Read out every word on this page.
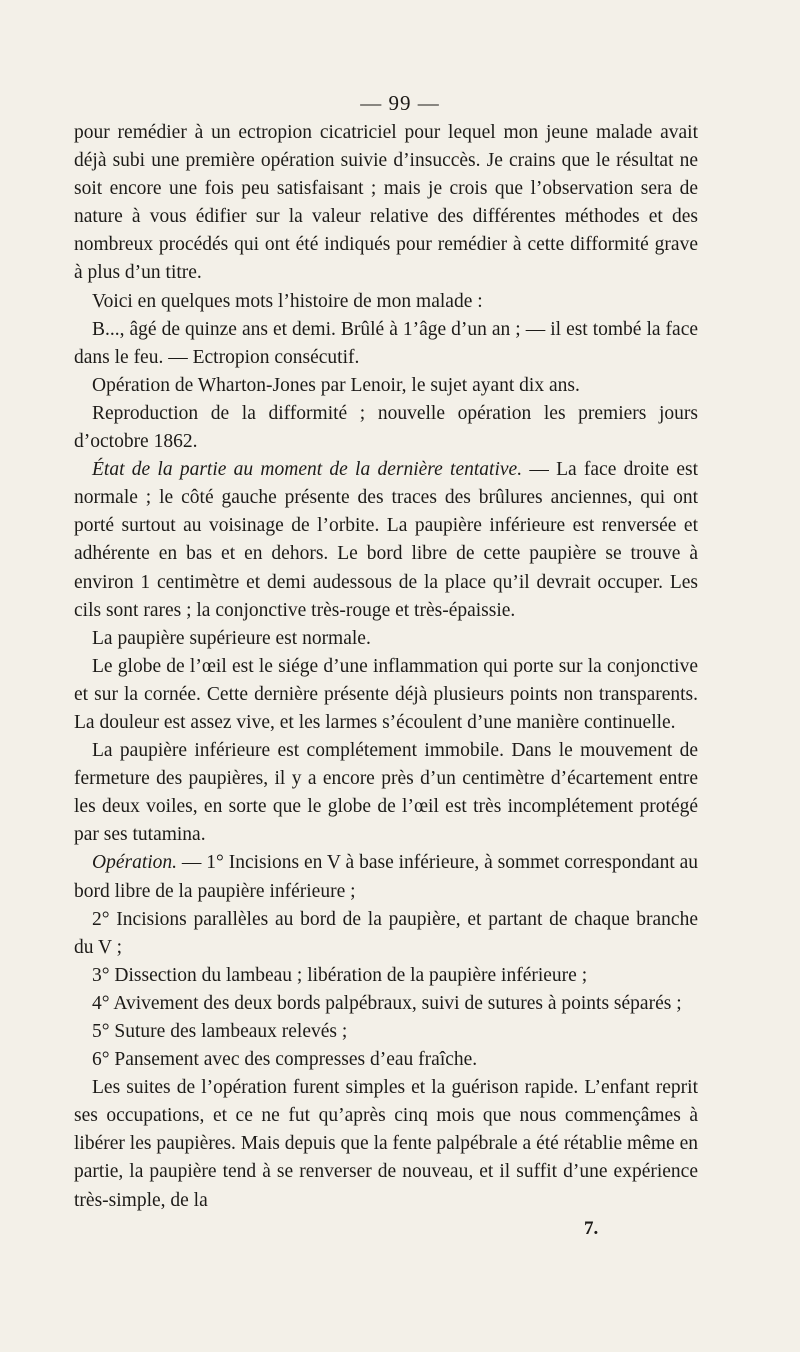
— 99 —

pour remédier à un ectropion cicatriciel pour lequel mon jeune malade avait déjà subi une première opération suivie d’insuccès. Je crains que le résultat ne soit encore une fois peu satisfaisant ; mais je crois que l’observation sera de nature à vous édifier sur la valeur relative des différentes méthodes et des nombreux procédés qui ont été indiqués pour remédier à cette difformité grave à plus d’un titre.

Voici en quelques mots l’histoire de mon malade :

B..., âgé de quinze ans et demi. Brûlé à 1’âge d’un an ; — il est tombé la face dans le feu. — Ectropion consécutif.

Opération de Wharton-Jones par Lenoir, le sujet ayant dix ans.

Reproduction de la difformité ; nouvelle opération les premiers jours d’octobre 1862.

État de la partie au moment de la dernière tentative. — La face droite est normale ; le côté gauche présente des traces des brûlures anciennes, qui ont porté surtout au voisinage de l’orbite. La paupière inférieure est renversée et adhérente en bas et en dehors. Le bord libre de cette paupière se trouve à environ 1 centimètre et demi audessous de la place qu’il devrait occuper. Les cils sont rares ; la conjonctive très-rouge et très-épaissie.

La paupière supérieure est normale.

Le globe de l’œil est le siége d’une inflammation qui porte sur la conjonctive et sur la cornée. Cette dernière présente déjà plusieurs points non transparents. La douleur est assez vive, et les larmes s’écoulent d’une manière continuelle.

La paupière inférieure est complétement immobile. Dans le mouvement de fermeture des paupières, il y a encore près d’un centimètre d’écartement entre les deux voiles, en sorte que le globe de l’œil est très incomplétement protégé par ses tutamina.

Opération. — 1° Incisions en V à base inférieure, à sommet correspondant au bord libre de la paupière inférieure ;

2° Incisions parallèles au bord de la paupière, et partant de chaque branche du V ;

3° Dissection du lambeau ; libération de la paupière inférieure ;

4° Avivement des deux bords palpébraux, suivi de sutures à points séparés ;

5° Suture des lambeaux relevés ;

6° Pansement avec des compresses d’eau fraîche.

Les suites de l’opération furent simples et la guérison rapide. L’enfant reprit ses occupations, et ce ne fut qu’après cinq mois que nous commençâmes à libérer les paupières. Mais depuis que la fente palpébrale a été rétablie même en partie, la paupière tend à se renverser de nouveau, et il suffit d’une expérience très-simple, de la

7.
